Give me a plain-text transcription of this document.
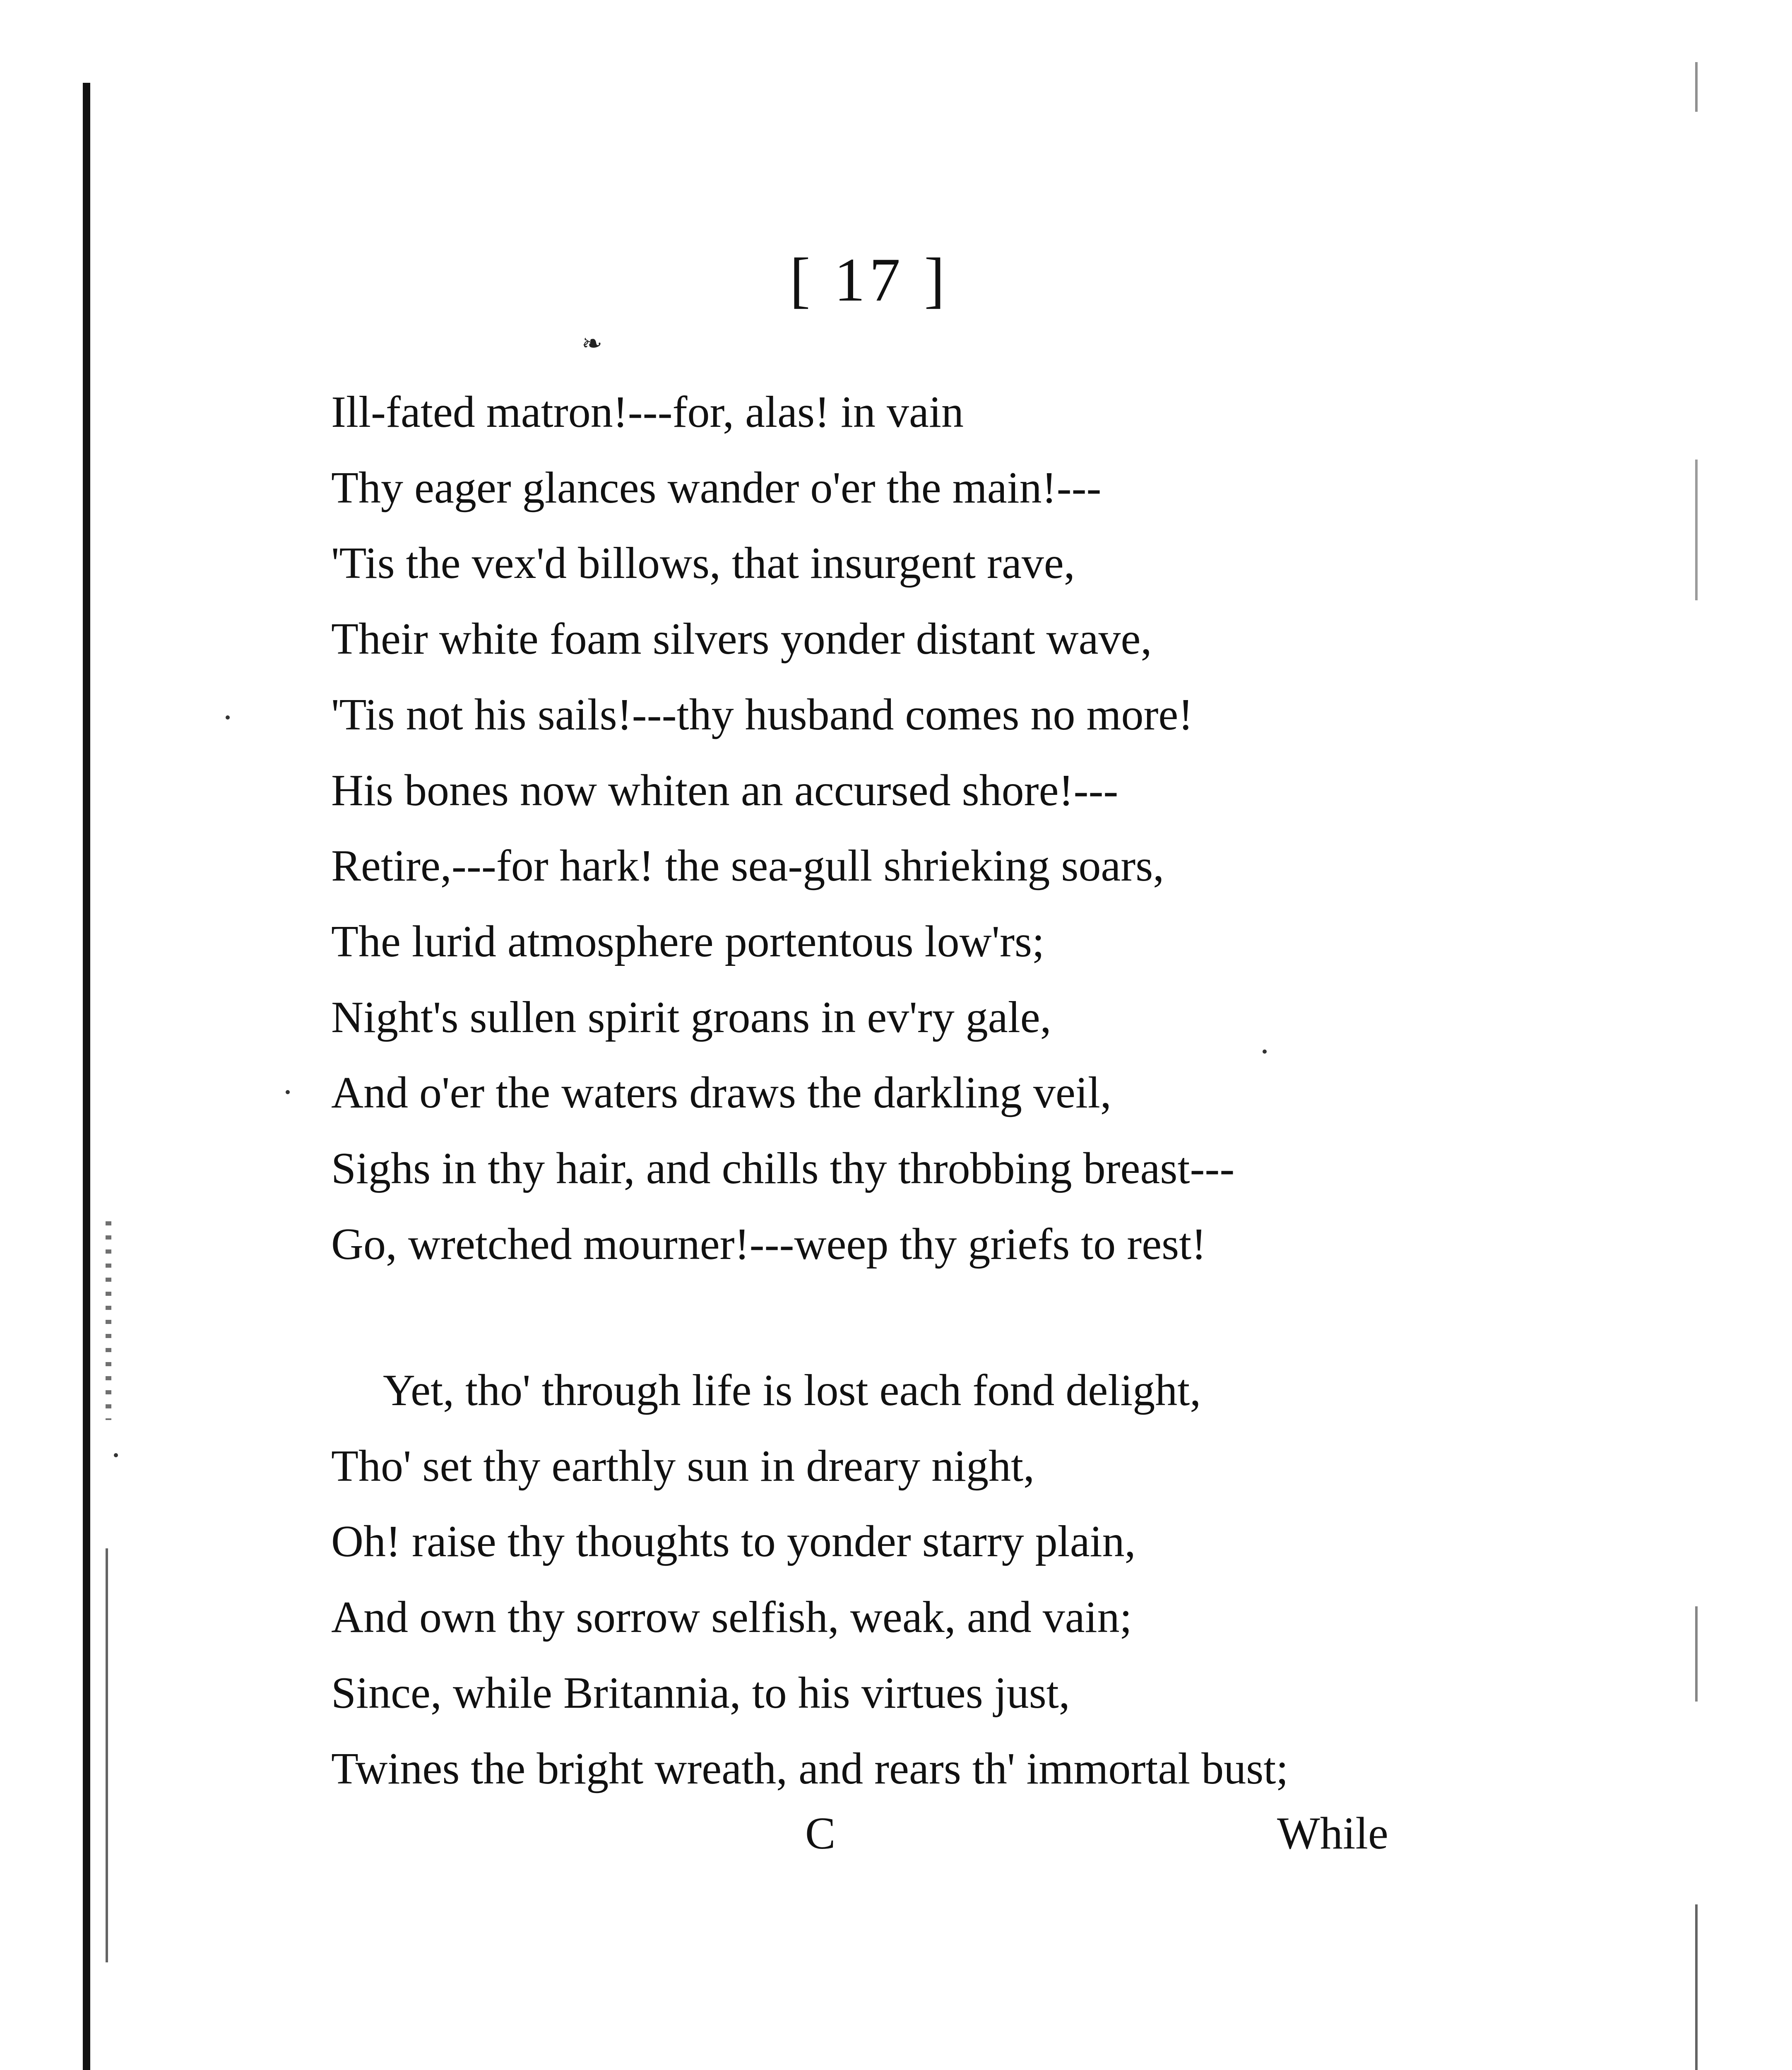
[ 17 ]
❧
Ill-fated matron!---for, alas! in vain
Thy eager glances wander o'er the main!---
'Tis the vex'd billows, that insurgent rave,
Their white foam silvers yonder distant wave,
'Tis not his sails!---thy husband comes no more!
His bones now whiten an accursed shore!---
Retire,---for hark! the sea-gull shrieking soars,
The lurid atmosphere portentous low'rs;
Night's sullen spirit groans in ev'ry gale,
And o'er the waters draws the darkling veil,
Sighs in thy hair, and chills thy throbbing breast---
Go, wretched mourner!---weep thy griefs to rest!
Yet, tho' through life is lost each fond delight,
Tho' set thy earthly sun in dreary night,
Oh! raise thy thoughts to yonder starry plain,
And own thy sorrow selfish, weak, and vain;
Since, while Britannia, to his virtues just,
Twines the bright wreath, and rears th' immortal bust;
C	While
